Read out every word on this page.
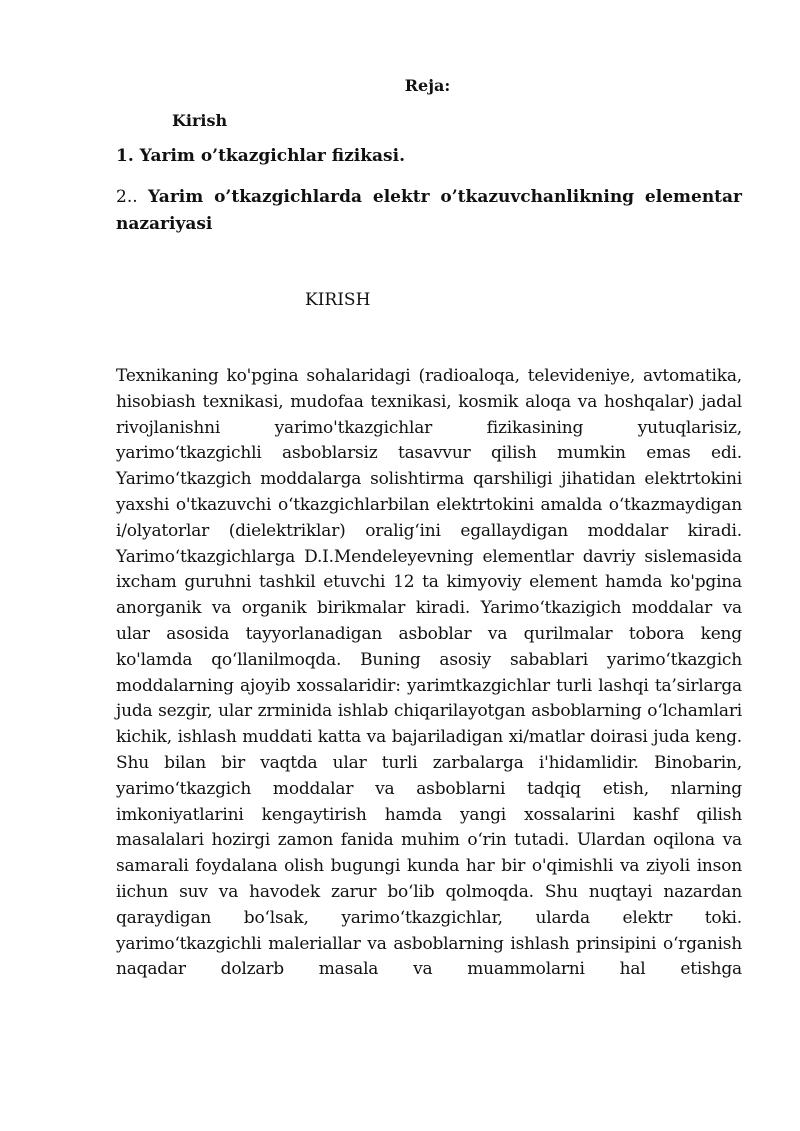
Reja:
Kirish
1. Yarim o’tkazgichlar fizikasi.
2.. Yarim o’tkazgichlarda elektr o’tkazuvchanlikning elementar nazariyasi
KIRISH

Texnikaning ko'pgina sohalaridagi (radioaloqa, televideniye, avtomatika, hisobiash texnikasi, mudofaa texnikasi, kosmik aloqa va hoshqalar) jadal rivojlanishni yarimo'tkazgichlar fizikasining yutuqlarisiz, yarimo‘tkazgichli asboblarsiz tasavvur qilish mumkin emas edi. Yarimo‘tkazgich moddalarga solishtirma qarshiligi jihatidan elektrtokini yaxshi o'tkazuvchi o‘tkazgichlarbilan elektrtokini amalda o‘tkazmaydigan i/olyatorlar (dielektriklar) oralig‘ini egallaydigan moddalar kiradi. Yarimo‘tkazgichlarga D.I.Mendeleyevning elementlar davriy sislemasida ixcham guruhni tashkil etuvchi 12 ta kimyoviy element hamda ko'pgina anorganik va organik birikmalar kiradi. Yarimo‘tkazigich moddalar va ular asosida tayyorlanadigan asboblar va qurilmalar tobora keng ko'lamda qo‘llanilmoqda. Buning asosiy sabablari yarimo‘tkazgich moddalarning ajoyib xossalaridir: yarimtkazgichlar turli lashqi ta’sirlarga juda sezgir, ular zrminida ishlab chiqarilayotgan asboblarning o‘lchamlari kichik, ishlash muddati katta va bajariladigan xi/matlar doirasi juda keng. Shu bilan bir vaqtda ular turli zarbalarga i'hidamlidir. Binobarin, yarimo‘tkazgich moddalar va asboblarni tadqiq etish, nlarning imkoniyatlarini kengaytirish hamda yangi xossalarini kashf qilish masalalari hozirgi zamon fanida muhim o‘rin tutadi. Ulardan oqilona va samarali foydalana olish bugungi kunda har bir o'qimishli va ziyoli inson iichun suv va havodek zarur bo‘lib qolmoqda. Shu nuqtayi nazardan qaraydigan bo‘lsak, yarimo‘tkazgichlar, ularda elektr toki. yarimo‘tkazgichli maleriallar va asboblarning ishlash prinsipini o‘rganish naqadar dolzarb masala va muammolarni hal etishga
